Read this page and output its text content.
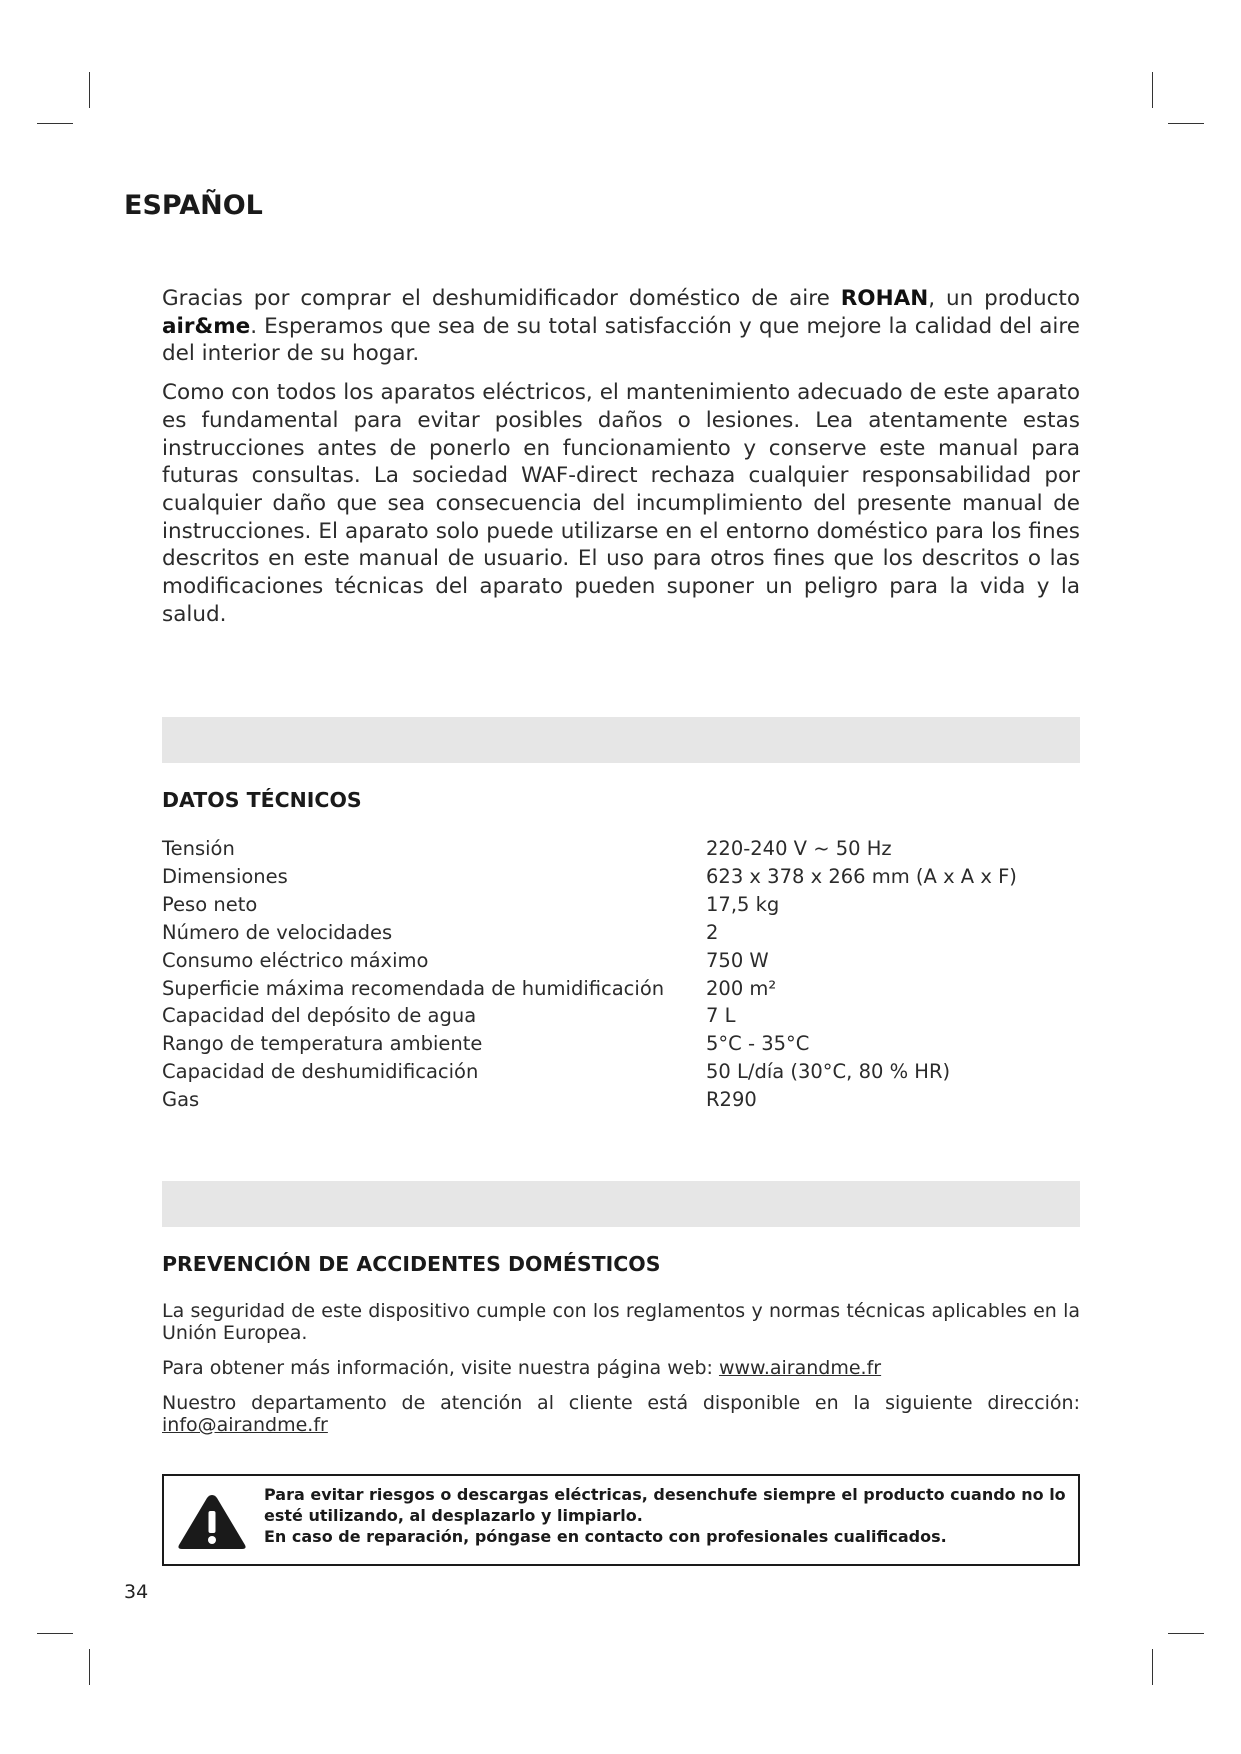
ESPAÑOL

Gracias por comprar el deshumidificador doméstico de aire ROHAN, un producto air&me. Esperamos que sea de su total satisfacción y que mejore la calidad del aire del interior de su hogar.

Como con todos los aparatos eléctricos, el mantenimiento adecuado de este aparato es fundamental para evitar posibles daños o lesiones. Lea atentamente estas instrucciones antes de ponerlo en funcionamiento y conserve este manual para futuras consultas. La sociedad WAF-direct rechaza cualquier responsabilidad por cualquier daño que sea consecuencia del incumplimiento del presente manual de instrucciones. El aparato solo puede utilizarse en el entorno doméstico para los fines descritos en este manual de usuario. El uso para otros fines que los descritos o las modificaciones técnicas del aparato pueden suponer un peligro para la vida y la salud.

DATOS TÉCNICOS
Tensión	220-240 V ~ 50 Hz
Dimensiones	623 x 378 x 266 mm (A x A x F)
Peso neto	17,5 kg
Número de velocidades	2
Consumo eléctrico máximo	750 W
Superficie máxima recomendada de humidificación	200 m²
Capacidad del depósito de agua	7 L
Rango de temperatura ambiente	5°C - 35°C
Capacidad de deshumidificación	50 L/día (30°C, 80 % HR)
Gas	R290
PREVENCIÓN DE ACCIDENTES DOMÉSTICOS

La seguridad de este dispositivo cumple con los reglamentos y normas técnicas aplicables en la Unión Europea.

Para obtener más información, visite nuestra página web: www.airandme.fr

Nuestro departamento de atención al cliente está disponible en la siguiente dirección: info@airandme.fr

Para evitar riesgos o descargas eléctricas, desenchufe siempre el producto cuando no lo esté utilizando, al desplazarlo y limpiarlo.
En caso de reparación, póngase en contacto con profesionales cualificados.
34
